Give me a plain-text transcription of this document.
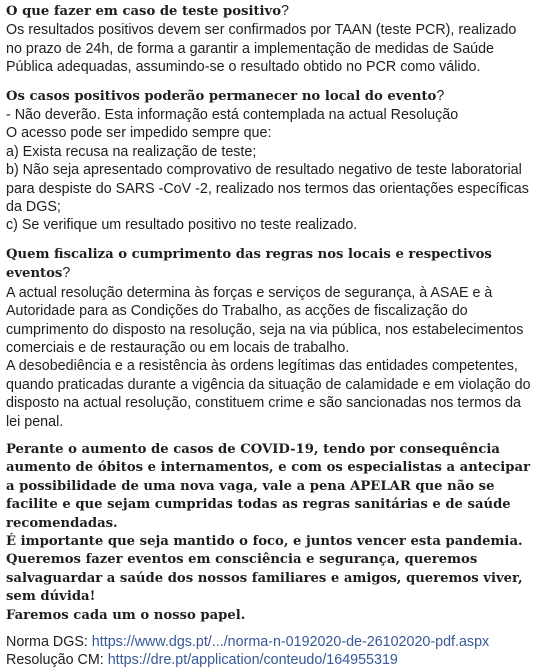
O que fazer em caso de teste positivo?

Os resultados positivos devem ser confirmados por TAAN (teste PCR), realizado no prazo de 24h, de forma a garantir a implementação de medidas de Saúde Pública adequadas, assumindo-se o resultado obtido no PCR como válido.

Os casos positivos poderão permanecer no local do evento?

- Não deverão. Esta informação está contemplada na actual Resolução

O acesso pode ser impedido sempre que:

a) Exista recusa na realização de teste;

b) Não seja apresentado comprovativo de resultado negativo de teste laboratorial para despiste do SARS -CoV -2, realizado nos termos das orientações específicas da DGS;

c) Se verifique um resultado positivo no teste realizado.

Quem fiscaliza o cumprimento das regras nos locais e respectivos eventos?

A actual resolução determina às forças e serviços de segurança, à ASAE e à Autoridade para as Condições do Trabalho, as acções de fiscalização do cumprimento do disposto na resolução, seja na via pública, nos estabelecimentos comerciais e de restauração ou em locais de trabalho.

A desobediência e a resistência às ordens legítimas das entidades competentes, quando praticadas durante a vigência da situação de calamidade e em violação do disposto na actual resolução, constituem crime e são sancionadas nos termos da lei penal.

Perante o aumento de casos de COVID-19, tendo por consequência aumento de óbitos e internamentos, e com os especialistas a antecipar a possibilidade de uma nova vaga, vale a pena APELAR que não se facilite e que sejam cumpridas todas as regras sanitárias e de saúde recomendadas.

É importante que seja mantido o foco, e juntos vencer esta pandemia.

Queremos fazer eventos em consciência e segurança, queremos salvaguardar a saúde dos nossos familiares e amigos, queremos viver, sem dúvida!

Faremos cada um o nosso papel.

Norma DGS: https://www.dgs.pt/.../norma-n-0192020-de-26102020-pdf.aspx

Resolução CM: https://dre.pt/application/conteudo/164955319
